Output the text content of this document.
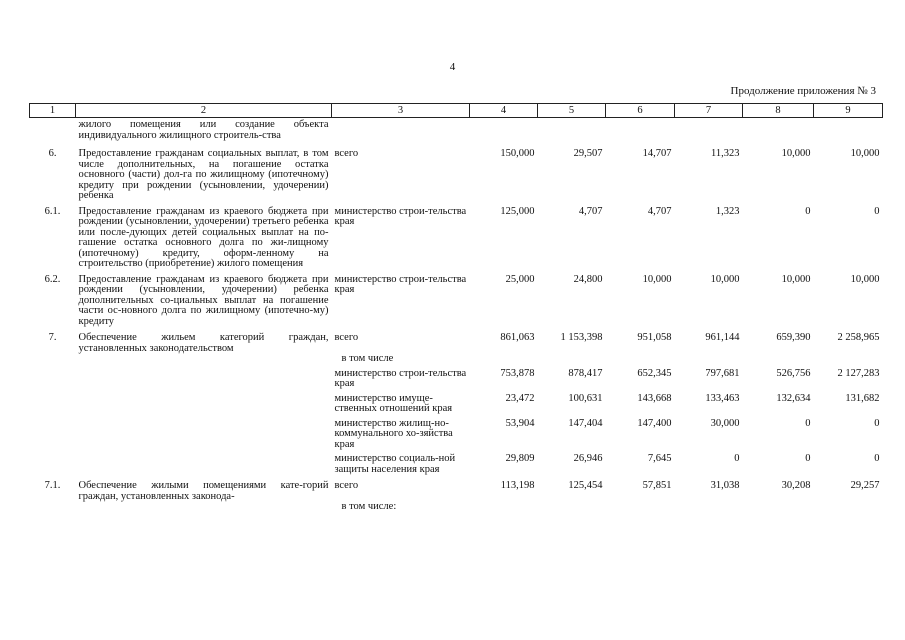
4
Продолжение приложения № 3
1	2	3	4	5	6	7	8	9
	жилого помещения или создание объекта индивидуального жилищного строитель-ства							
6.	Предоставление гражданам социальных выплат, в том числе дополнительных, на погашение остатка основного (части) дол-га по жилищному (ипотечному) кредиту при рождении (усыновлении, удочерении) ребенка	всего	150,000	29,507	14,707	11,323	10,000	10,000
6.1.	Предоставление гражданам из краевого бюджета при рождении (усыновлении, удочерении) третьего ребенка или после-дующих детей социальных выплат на по-гашение остатка основного долга по жи-лищному (ипотечному) кредиту, оформ-ленному на строительство (приобретение) жилого помещения	министерство строи-тельства края	125,000	4,707	4,707	1,323	0	0
6.2.	Предоставление гражданам из краевого бюджета при рождении (усыновлении, удочерении) ребенка дополнительных со-циальных выплат на погашение части ос-новного долга по жилищному (ипотечно-му) кредиту	министерство строи-тельства края	25,000	24,800	10,000	10,000	10,000	10,000
7.	Обеспечение жильем категорий граждан, установленных законодательством	всего	861,063	1 153,398	951,058	961,144	659,390	2 258,965
		в том числе						
		министерство строи-тельства края	753,878	878,417	652,345	797,681	526,756	2 127,283
		министерство имуще-ственных отношений края	23,472	100,631	143,668	133,463	132,634	131,682
		министерство жилищ-но-коммунального хо-зяйства края	53,904	147,404	147,400	30,000	0	0
		министерство социаль-ной защиты населения края	29,809	26,946	7,645	0	0	0
7.1.	Обеспечение жилыми помещениями кате-горий граждан, установленных законода-	всего	113,198	125,454	57,851	31,038	30,208	29,257
		в том числе:						
